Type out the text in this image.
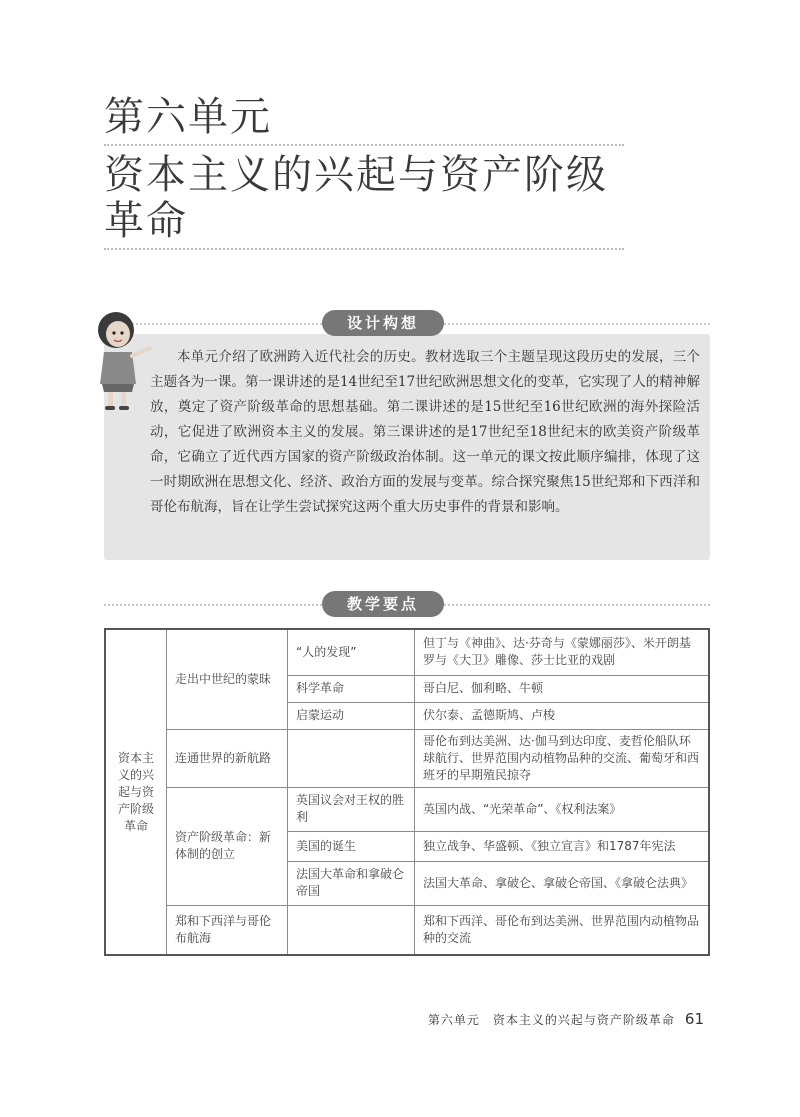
第六单元
资本主义的兴起与资产阶级革命
设计构想

本单元介绍了欧洲跨入近代社会的历史。教材选取三个主题呈现这段历史的发展，三个主题各为一课。第一课讲述的是14世纪至17世纪欧洲思想文化的变革，它实现了人的精神解放，奠定了资产阶级革命的思想基础。第二课讲述的是15世纪至16世纪欧洲的海外探险活动，它促进了欧洲资本主义的发展。第三课讲述的是17世纪至18世纪末的欧美资产阶级革命，它确立了近代西方国家的资产阶级政治体制。这一单元的课文按此顺序编排，体现了这一时期欧洲在思想文化、经济、政治方面的发展与变革。综合探究聚焦15世纪郑和下西洋和哥伦布航海，旨在让学生尝试探究这两个重大历史事件的背景和影响。

教学要点
资本主义的兴起与资产阶级革命	走出中世纪的蒙昧	“人的发现”	但丁与《神曲》、达·芬奇与《蒙娜丽莎》、米开朗基罗与《大卫》雕像、莎士比亚的戏剧
		科学革命	哥白尼、伽利略、牛顿
		启蒙运动	伏尔泰、孟德斯鸠、卢梭
	连通世界的新航路		哥伦布到达美洲、达·伽马到达印度、麦哲伦船队环球航行、世界范围内动植物品种的交流、葡萄牙和西班牙的早期殖民掠夺
	资产阶级革命：新体制的创立	英国议会对王权的胜利	英国内战、“光荣革命”、《权利法案》
		美国的诞生	独立战争、华盛顿、《独立宣言》和1787年宪法
		法国大革命和拿破仑帝国	法国大革命、拿破仑、拿破仑帝国、《拿破仑法典》
	郑和下西洋与哥伦布航海		郑和下西洋、哥伦布到达美洲、世界范围内动植物品种的交流
第六单元　资本主义的兴起与资产阶级革命 61
